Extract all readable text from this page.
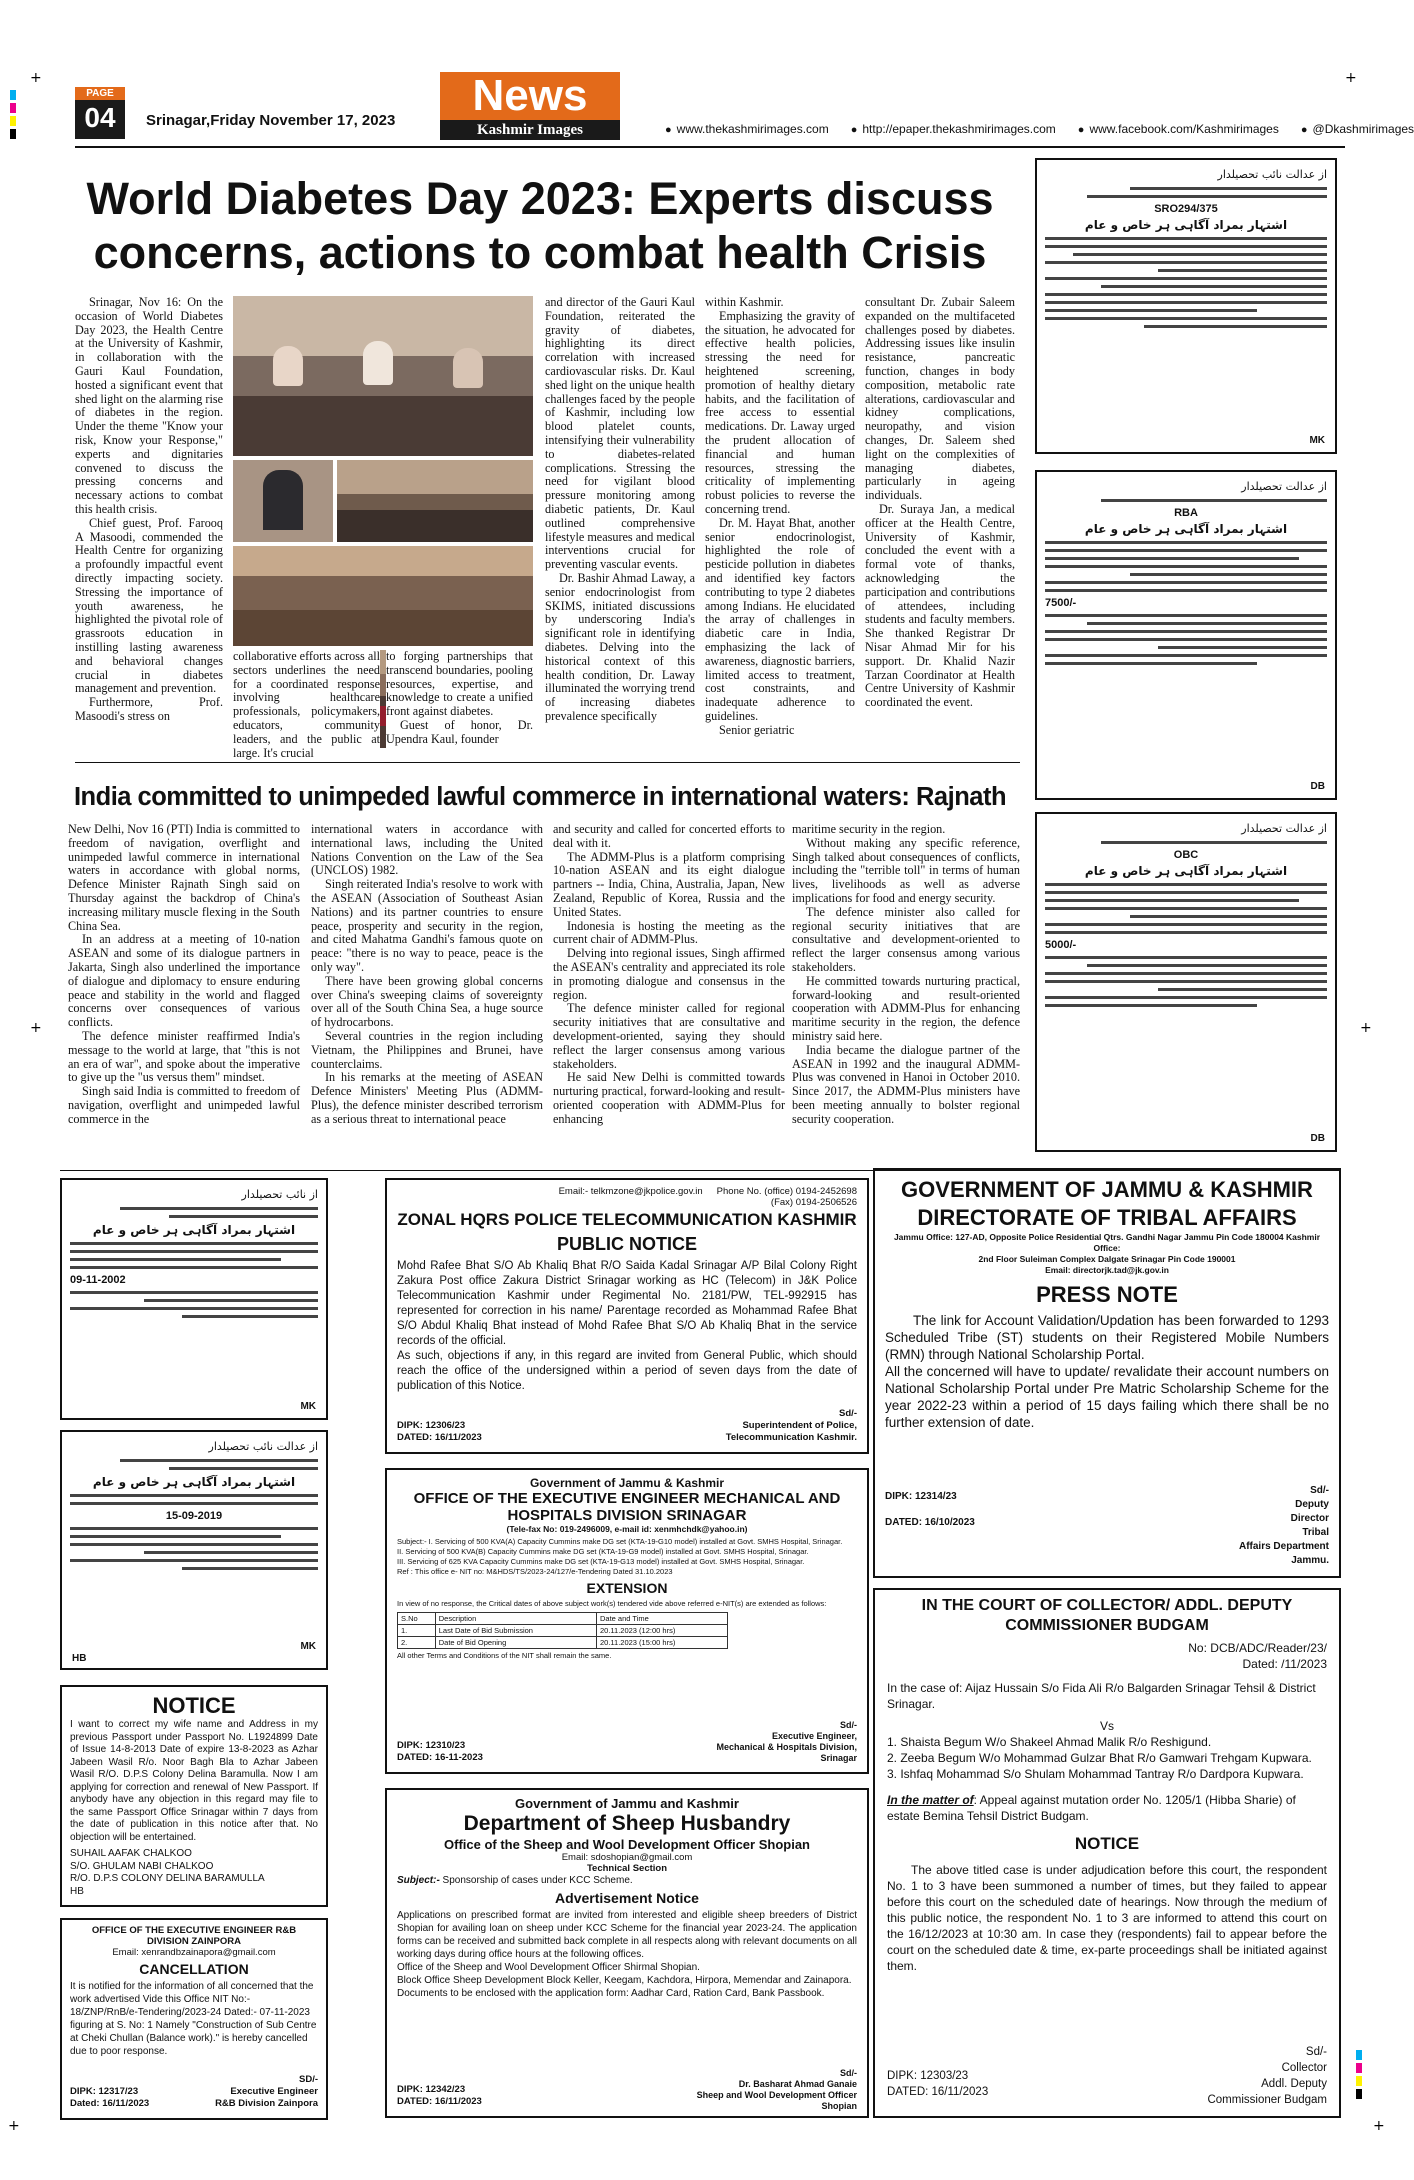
+	+
+	+
+	+
PAGE
04	Srinagar,Friday November 17, 2023
News
Kashmir Images	● www.thekashmirimages.com	● http://epaper.thekashmirimages.com	● www.facebook.com/Kashmirimages	● @Dkashmirimages
World Diabetes Day 2023: Experts discuss
concerns, actions to combat health Crisis

Srinagar, Nov 16: On the occasion of World Diabetes Day 2023, the Health Centre at the University of Kashmir, in collaboration with the Gauri Kaul Foundation, hosted a significant event that shed light on the alarming rise of diabetes in the region. Under the theme "Know your risk, Know your Response," experts and dignitaries convened to discuss the pressing concerns and necessary actions to combat this health crisis.

Chief guest, Prof. Farooq A Masoodi, commended the Health Centre for organizing a profoundly impactful event directly impacting society. Stressing the importance of youth awareness, he highlighted the pivotal role of grassroots education in instilling lasting awareness and behavioral changes crucial in diabetes management and prevention.

Furthermore, Prof. Masoodi's stress on

collaborative efforts across all sectors underlines the need for a coordinated response involving healthcare professionals, policymakers, educators, community leaders, and the public at large. It's crucial

to forging partnerships that transcend boundaries, pooling resources, expertise, and knowledge to create a unified front against diabetes.

Guest of honor, Dr. Upendra Kaul, founder

and director of the Gauri Kaul Foundation, reiterated the gravity of diabetes, highlighting its direct correlation with increased cardiovascular risks. Dr. Kaul shed light on the unique health challenges faced by the people of Kashmir, including low blood platelet counts, intensifying their vulnerability to diabetes-related complications. Stressing the need for vigilant blood pressure monitoring among diabetic patients, Dr. Kaul outlined comprehensive lifestyle measures and medical interventions crucial for preventing vascular events.

Dr. Bashir Ahmad Laway, a senior endocrinologist from SKIMS, initiated discussions by underscoring India's significant role in identifying diabetes. Delving into the historical context of this health condition, Dr. Laway illuminated the worrying trend of increasing diabetes prevalence specifically

within Kashmir.

Emphasizing the gravity of the situation, he advocated for effective health policies, stressing the need for heightened screening, promotion of healthy dietary habits, and the facilitation of free access to essential medications. Dr. Laway urged the prudent allocation of financial and human resources, stressing the criticality of implementing robust policies to reverse the concerning trend.

Dr. M. Hayat Bhat, another senior endocrinologist, highlighted the role of pesticide pollution in diabetes and identified key factors contributing to type 2 diabetes among Indians. He elucidated the array of challenges in diabetic care in India, emphasizing the lack of awareness, diagnostic barriers, limited access to treatment, cost constraints, and inadequate adherence to guidelines.

Senior geriatric

consultant Dr. Zubair Saleem expanded on the multifaceted challenges posed by diabetes. Addressing issues like insulin resistance, pancreatic function, changes in body composition, metabolic rate alterations, cardiovascular and kidney complications, neuropathy, and vision changes, Dr. Saleem shed light on the complexities of managing diabetes, particularly in ageing individuals.

Dr. Suraya Jan, a medical officer at the Health Centre, University of Kashmir, concluded the event with a formal vote of thanks, acknowledging the participation and contributions of attendees, including students and faculty members. She thanked Registrar Dr Nisar Ahmad Mir for his support. Dr. Khalid Nazir Tarzan Coordinator at Health Centre University of Kashmir coordinated the event.

India committed to unimpeded lawful commerce in international waters: Rajnath

New Delhi, Nov 16 (PTI) India is committed to freedom of navigation, overflight and unimpeded lawful commerce in international waters in accordance with global norms, Defence Minister Rajnath Singh said on Thursday against the backdrop of China's increasing military muscle flexing in the South China Sea.

In an address at a meeting of 10-nation ASEAN and some of its dialogue partners in Jakarta, Singh also underlined the importance of dialogue and diplomacy to ensure enduring peace and stability in the world and flagged concerns over consequences of various conflicts.

The defence minister reaffirmed India's message to the world at large, that "this is not an era of war", and spoke about the imperative to give up the "us versus them" mindset.

Singh said India is committed to freedom of navigation, overflight and unimpeded lawful commerce in the

international waters in accordance with international laws, including the United Nations Convention on the Law of the Sea (UNCLOS) 1982.

Singh reiterated India's resolve to work with the ASEAN (Association of Southeast Asian Nations) and its partner countries to ensure peace, prosperity and security in the region, and cited Mahatma Gandhi's famous quote on peace: "there is no way to peace, peace is the only way".

There have been growing global concerns over China's sweeping claims of sovereignty over all of the South China Sea, a huge source of hydrocarbons.

Several countries in the region including Vietnam, the Philippines and Brunei, have counterclaims.

In his remarks at the meeting of ASEAN Defence Ministers' Meeting Plus (ADMM-Plus), the defence minister described terrorism as a serious threat to international peace

and security and called for concerted efforts to deal with it.

The ADMM-Plus is a platform comprising 10-nation ASEAN and its eight dialogue partners -- India, China, Australia, Japan, New Zealand, Republic of Korea, Russia and the United States.

Indonesia is hosting the meeting as the current chair of ADMM-Plus.

Delving into regional issues, Singh affirmed the ASEAN's centrality and appreciated its role in promoting dialogue and consensus in the region.

The defence minister called for regional security initiatives that are consultative and development-oriented, saying they should reflect the larger consensus among various stakeholders.

He said New Delhi is committed towards nurturing practical, forward-looking and result-oriented cooperation with ADMM-Plus for enhancing

maritime security in the region.

Without making any specific reference, Singh talked about consequences of conflicts, including the "terrible toll" in terms of human lives, livelihoods as well as adverse implications for food and energy security.

The defence minister also called for regional security initiatives that are consultative and development-oriented to reflect the larger consensus among various stakeholders.

He committed towards nurturing practical, forward-looking and result-oriented cooperation with ADMM-Plus for enhancing maritime security in the region, the defence ministry said here.

India became the dialogue partner of the ASEAN in 1992 and the inaugural ADMM-Plus was convened in Hanoi in October 2010. Since 2017, the ADMM-Plus ministers have been meeting annually to bolster regional security cooperation.

از عدالت نائب تحصیلدار
SRO294/375
اشتہار بمراد آگاہی ہر خاص و عام
MK
از عدالت تحصیلدار
RBA
اشتہار بمراد آگاہی ہر خاص و عام
7500/-
DB
از عدالت تحصیلدار
OBC
اشتہار بمراد آگاہی ہر خاص و عام
5000/-
DB
از نائب تحصیلدار
اشتہار بمراد آگاہی ہر خاص و عام
09-11-2002
MK
از عدالت نائب تحصیلدار
اشتہار بمراد آگاہی ہر خاص و عام
15-09-2019
MK
HB
NOTICE
I want to correct my wife name and Address in my previous Passport under Passport No. L1924899 Date of Issue 14-8-2013 Date of expire 13-8-2023 as Azhar Jabeen Wasil R/o. Noor Bagh Bla to Azhar Jabeen Wasil R/O. D.P.S Colony Delina Baramulla. Now I am applying for correction and renewal of New Passport. If anybody have any objection in this regard may file to the same Passport Office Srinagar within 7 days from the date of publication in this notice after that. No objection will be entertained.
SUHAIL AAFAK CHALKOO
S/O. GHULAM NABI CHALKOO
R/O. D.P.S COLONY DELINA BARAMULLA
HB
OFFICE OF THE EXECUTIVE ENGINEER R&B DIVISION ZAINPORA
Email: xenrandbzainapora@gmail.com
CANCELLATION
It is notified for the information of all concerned that the work advertised Vide this Office NIT No:- 18/ZNP/RnB/e-Tendering/2023-24 Dated:- 07-11-2023 figuring at S. No: 1 Namely "Construction of Sub Centre at Cheki Chullan (Balance work)." is hereby cancelled due to poor response.
DIPK: 12317/23
Dated: 16/11/2023
SD/-
Executive Engineer
R&B Division Zainpora
Email:- telkmzone@jkpolice.gov.in Phone No. (office) 0194-2452698
(Fax) 0194-2506526
ZONAL HQRS POLICE TELECOMMUNICATION KASHMIR
PUBLIC NOTICE
Mohd Rafee Bhat S/O Ab Khaliq Bhat R/O Saida Kadal Srinagar A/P Bilal Colony Right Zakura Post office Zakura District Srinagar working as HC (Telecom) in J&K Police Telecommunication Kashmir under Regimental No. 2181/PW, TEL-992915 has represented for correction in his name/ Parentage recorded as Mohammad Rafee Bhat S/O Abdul Khaliq Bhat instead of Mohd Rafee Bhat S/O Ab Khaliq Bhat in the service records of the official.
As such, objections if any, in this regard are invited from General Public, which should reach the office of the undersigned within a period of seven days from the date of publication of this Notice.
DIPK: 12306/23
DATED: 16/11/2023
Sd/-
Superintendent of Police,
Telecommunication Kashmir.
Government of Jammu & Kashmir
OFFICE OF THE EXECUTIVE ENGINEER MECHANICAL AND HOSPITALS DIVISION SRINAGAR
(Tele-fax No: 019-2496009, e-mail id: xenmhchdk@yahoo.in)
Subject:- I. Servicing of 500 KVA(A) Capacity Cummins make DG set (KTA-19-G10 model) installed at Govt. SMHS Hospital, Srinagar.
II. Servicing of 500 KVA(B) Capacity Cummins make DG set (KTA-19-G9 model) installed at Govt. SMHS Hospital, Srinagar.
III. Servicing of 625 KVA Capacity Cummins make DG set (KTA-19-G13 model) installed at Govt. SMHS Hospital, Srinagar.
Ref : This office e- NIT no: M&HDS/TS/2023-24/127/e-Tendering Dated 31.10.2023
EXTENSION
In view of no response, the Critical dates of above subject work(s) tendered vide above referred e-NIT(s) are extended as follows:
S.No	Description	Date and Time
1.	Last Date of Bid Submission	20.11.2023 (12:00 hrs)
2.	Date of Bid Opening	20.11.2023 (15:00 hrs)
All other Terms and Conditions of the NIT shall remain the same.
DIPK: 12310/23
DATED: 16-11-2023
Sd/-
Executive Engineer,
Mechanical & Hospitals Division,
Srinagar
Government of Jammu and Kashmir
Department of Sheep Husbandry
Office of the Sheep and Wool Development Officer Shopian
Email: sdoshopian@gmail.com
Technical Section
Subject:- Sponsorship of cases under KCC Scheme.
Advertisement Notice
Applications on prescribed format are invited from interested and eligible sheep breeders of District Shopian for availing loan on sheep under KCC Scheme for the financial year 2023-24. The application forms can be received and submitted back complete in all respects along with relevant documents on all working days during office hours at the following offices.
Office of the Sheep and Wool Development Officer Shirmal Shopian.
Block Office Sheep Development Block Keller, Keegam, Kachdora, Hirpora, Memendar and Zainapora.
Documents to be enclosed with the application form: Aadhar Card, Ration Card, Bank Passbook.
DIPK: 12342/23
DATED: 16/11/2023
Sd/-
Dr. Basharat Ahmad Ganaie
Sheep and Wool Development Officer
Shopian
GOVERNMENT OF JAMMU & KASHMIR
DIRECTORATE OF TRIBAL AFFAIRS
Jammu Office: 127-AD, Opposite Police Residential Qtrs. Gandhi Nagar Jammu Pin Code 180004 Kashmir Office:
2nd Floor Suleiman Complex Dalgate Srinagar Pin Code 190001
Email: directorjk.tad@jk.gov.in
PRESS NOTE
The link for Account Validation/Updation has been forwarded to 1293 Scheduled Tribe (ST) students on their Registered Mobile Numbers (RMN) through National Scholarship Portal.
All the concerned will have to update/ revalidate their account numbers on National Scholarship Portal under Pre Matric Scholarship Scheme for the year 2022-23 within a period of 15 days failing which there shall be no further extension of date.
DIPK: 12314/23
DATED: 16/10/2023
Sd/-
Deputy
Director
Tribal
Affairs Department
Jammu.
IN THE COURT OF COLLECTOR/ ADDL. DEPUTY COMMISSIONER BUDGAM
No: DCB/ADC/Reader/23/
Dated: /11/2023
In the case of: Aijaz Hussain S/o Fida Ali R/o Balgarden Srinagar Tehsil & District Srinagar.
Vs
1. Shaista Begum W/o Shakeel Ahmad Malik R/o Reshigund.
2. Zeeba Begum W/o Mohammad Gulzar Bhat R/o Gamwari Trehgam Kupwara.
3. Ishfaq Mohammad S/o Shulam Mohammad Tantray R/o Dardpora Kupwara.
In the matter of: Appeal against mutation order No. 1205/1 (Hibba Sharie) of estate Bemina Tehsil District Budgam.
NOTICE
The above titled case is under adjudication before this court, the respondent No. 1 to 3 have been summoned a number of times, but they failed to appear before this court on the scheduled date of hearings. Now through the medium of this public notice, the respondent No. 1 to 3 are informed to attend this court on the 16/12/2023 at 10:30 am. In case they (respondents) fail to appear before the court on the scheduled date & time, ex-parte proceedings shall be initiated against them.
DIPK: 12303/23
DATED: 16/11/2023
Sd/-
Collector
Addl. Deputy
Commissioner Budgam
